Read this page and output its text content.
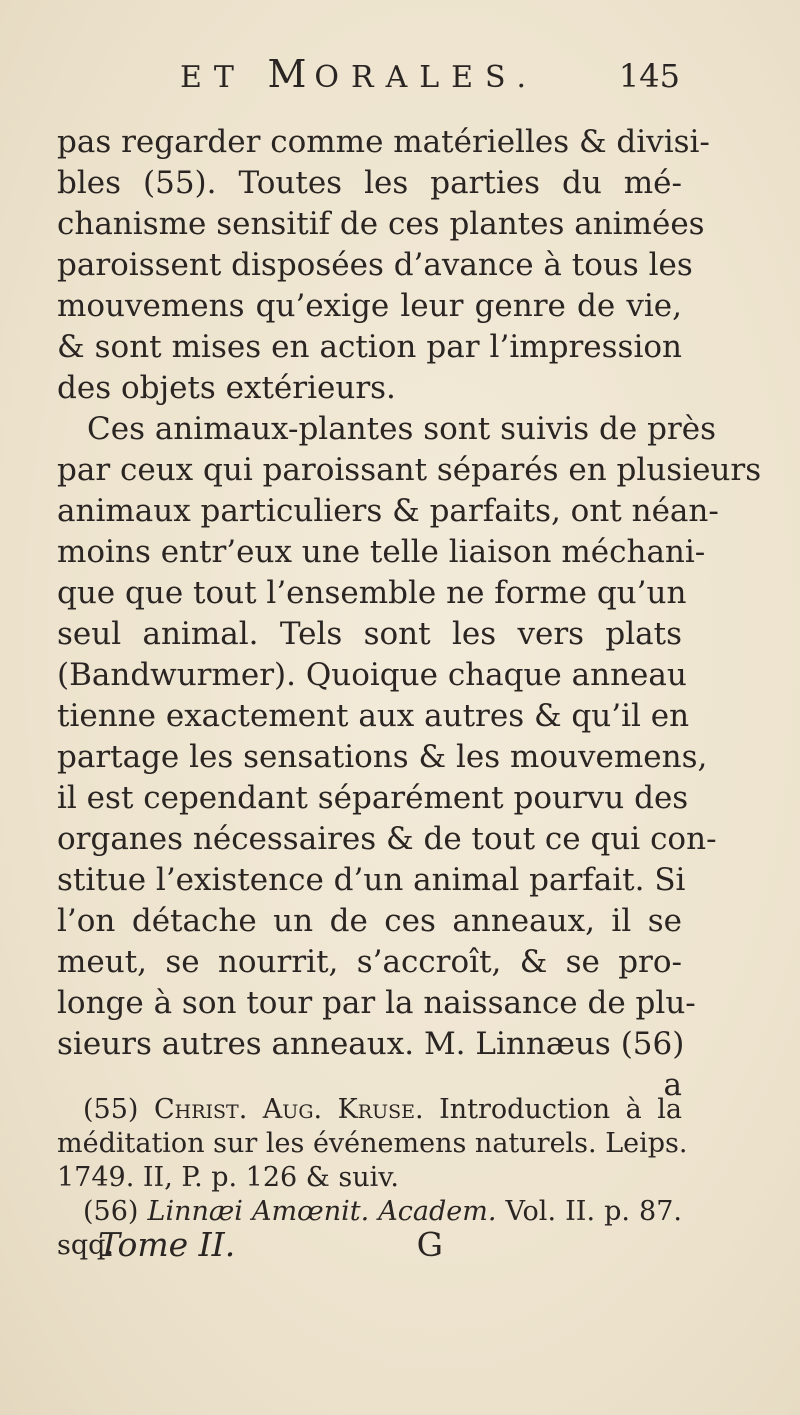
ET MORALES.	145
pas regarder comme matérielles & divisi-
bles (55). Toutes les parties du mé-
chanisme sensitif de ces plantes animées
paroissent disposées d’avance à tous les
mouvemens qu’exige leur genre de vie,
& sont mises en action par l’impression
des objets extérieurs.
Ces animaux-plantes sont suivis de près
par ceux qui paroissant séparés en plusieurs
animaux particuliers & parfaits, ont néan-
moins entr’eux une telle liaison méchani-
que que tout l’ensemble ne forme qu’un
seul animal. Tels sont les vers plats
(Bandwurmer). Quoique chaque anneau
tienne exactement aux autres & qu’il en
partage les sensations & les mouvemens,
il est cependant séparément pourvu des
organes nécessaires & de tout ce qui con-
stitue l’existence d’un animal parfait. Si
l’on détache un de ces anneaux, il se
meut, se nourrit, s’accroît, & se pro-
longe à son tour par la naissance de plu-
sieurs autres anneaux. M. Linnæus (56)
a
(55) Christ. Aug. Kruse. Introduction à la
méditation sur les événemens naturels. Leips.
1749. II, P. p. 126 & suiv.
(56) Linnæi Amœnit. Academ. Vol. II. p. 87.
sqq.
Tome II.	G
